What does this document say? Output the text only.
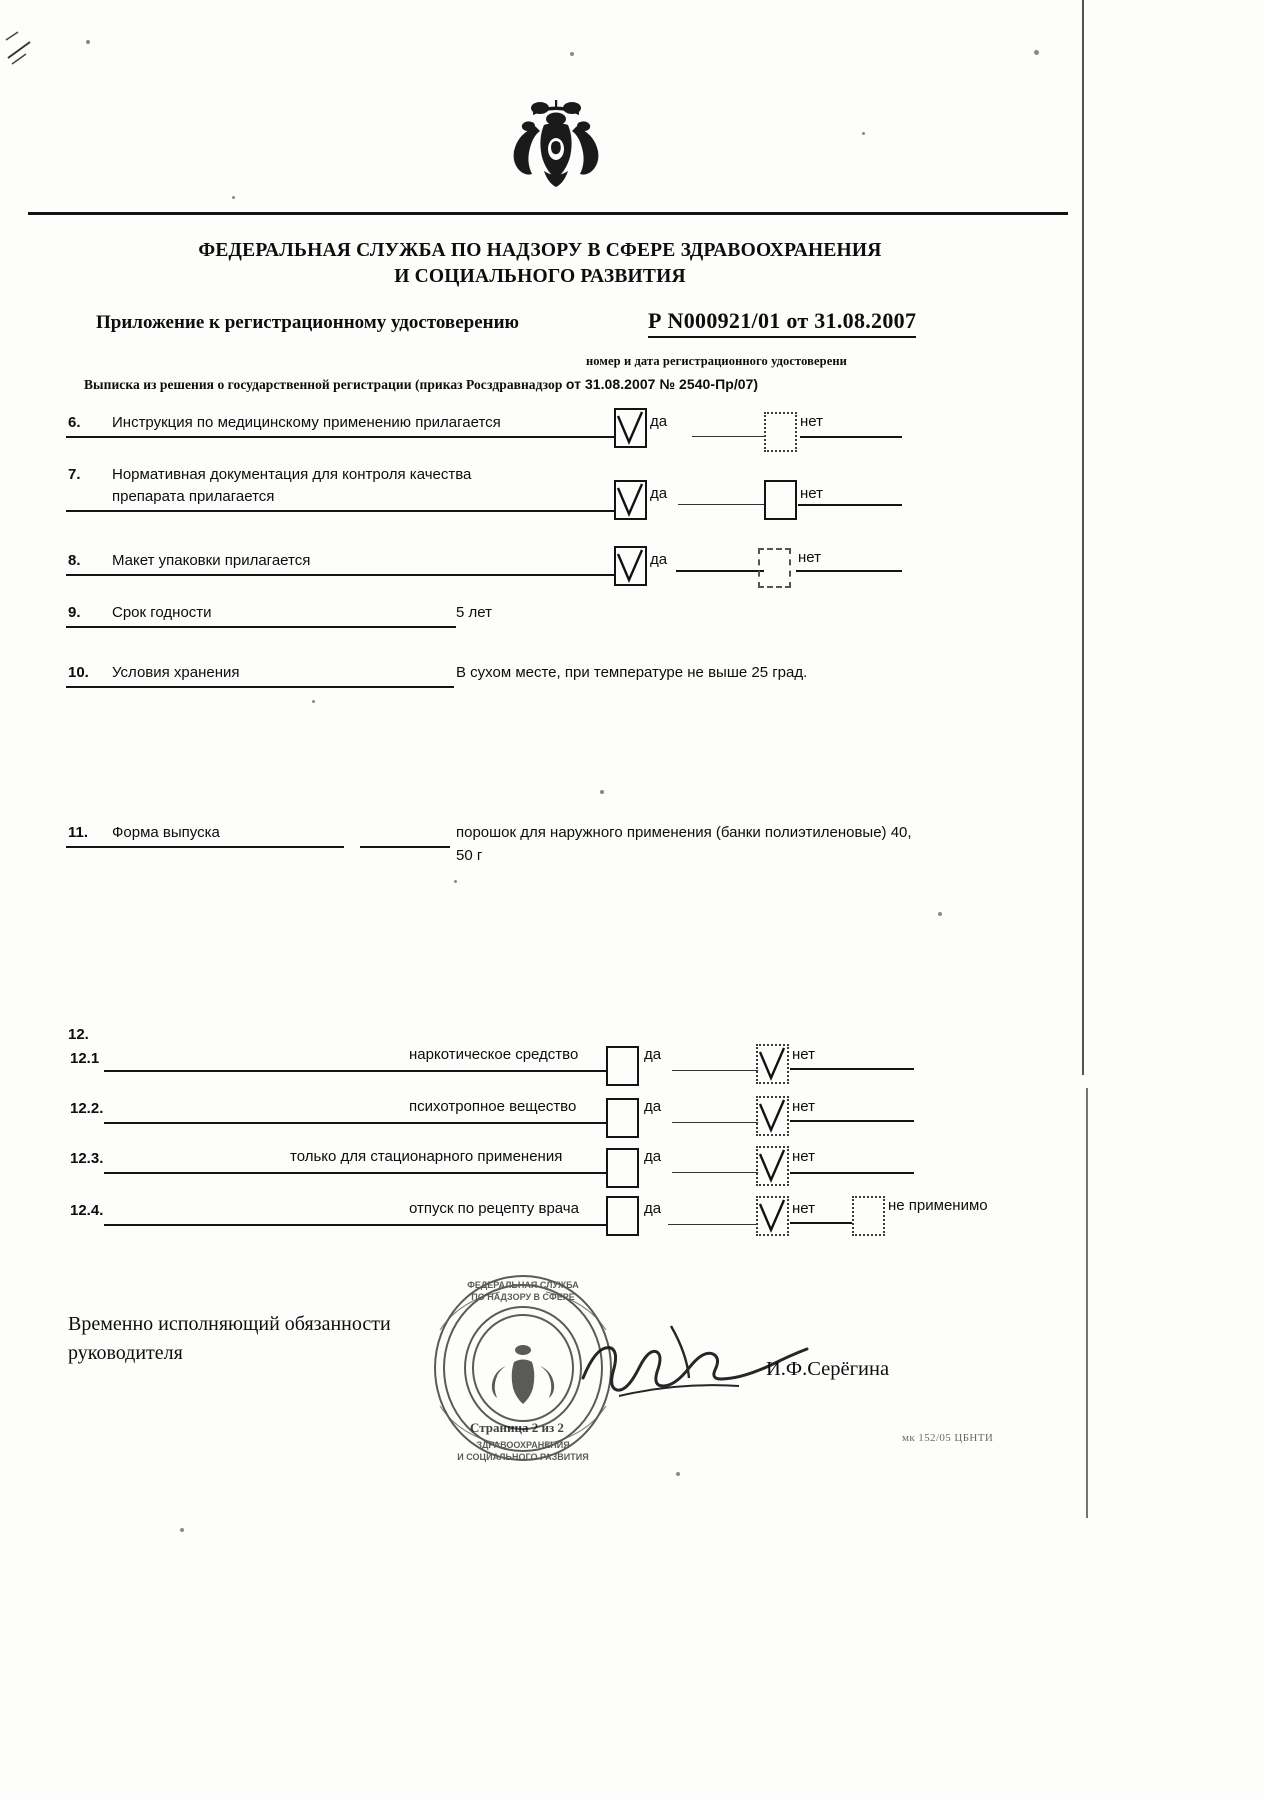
ФЕДЕРАЛЬНАЯ СЛУЖБА ПО НАДЗОРУ В СФЕРЕ ЗДРАВООХРАНЕНИЯ
И СОЦИАЛЬНОГО РАЗВИТИЯ
Приложение к регистрационному удостоверению	Р N000921/01 от 31.08.2007
номер и дата регистрационного удостоверени
Выписка из решения о государственной регистрации (приказ Росздравнадзор от 31.08.2007 № 2540-Пр/07)
6. Инструкция по медицинскому применению прилагается	да	нет
7. Нормативная документация для контроля качества
препарата прилагается	да	нет
8. Макет упаковки прилагается	да	нет
9. Срок годности	5 лет
10. Условия хранения	В сухом месте, при температуре не выше 25 град.
11. Форма выпуска	порошок для наружного применения (банки полиэтиленовые) 40,
50 г
12.
12.1	наркотическое средство	да	нет
12.2.	психотропное вещество	да	нет
12.3.	только для стационарного применения	да	нет
12.4.	отпуск по рецепту врача	да	нет	не применимо
ФЕДЕРАЛЬНАЯ СЛУЖБА
ПО НАДЗОРУ В СФЕРЕ
ЗДРАВООХРАНЕНИЯ
И СОЦИАЛЬНОГО РАЗВИТИЯ
Временно исполняющий обязанности
руководителя
И.Ф.Серёгина
Страница 2 из 2
мк 152/05 ЦБНТИ
